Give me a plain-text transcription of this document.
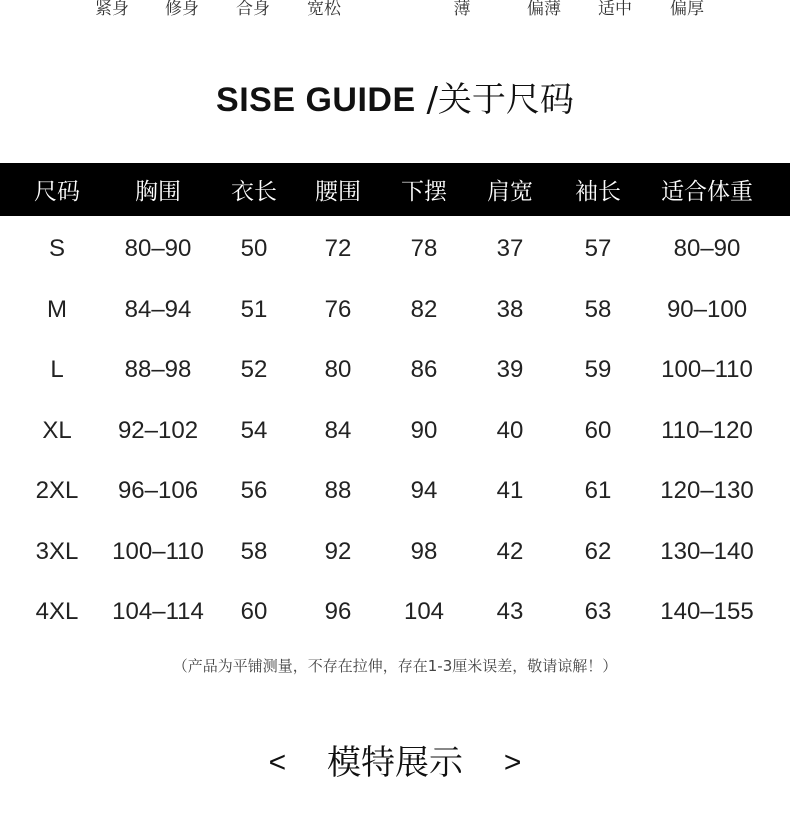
紧身 修身 合身 宽松	薄	偏薄 适中 偏厚
SISE GUIDE /关于尺码
尺码 胸围 衣长 腰围 下摆 肩宽 袖长 适合体重
S 80–90 50 72 78 37	57	80–90
M 84–94 51 76 82 38	58 90–100
L	88–98 52 80 86 39	59 100–110
XL 92–102 54 84 90 40	60 110–120
2XL 96–106 56 88 94 41	61 120–130
3XL 100–110 58 92 98 42	62 130–140
4XL 104–114 60 96 104 43	63 140–155
（产品为平铺测量，不存在拉伸，存在1-3厘米误差，敬请谅解！）
< 模特展示 >
